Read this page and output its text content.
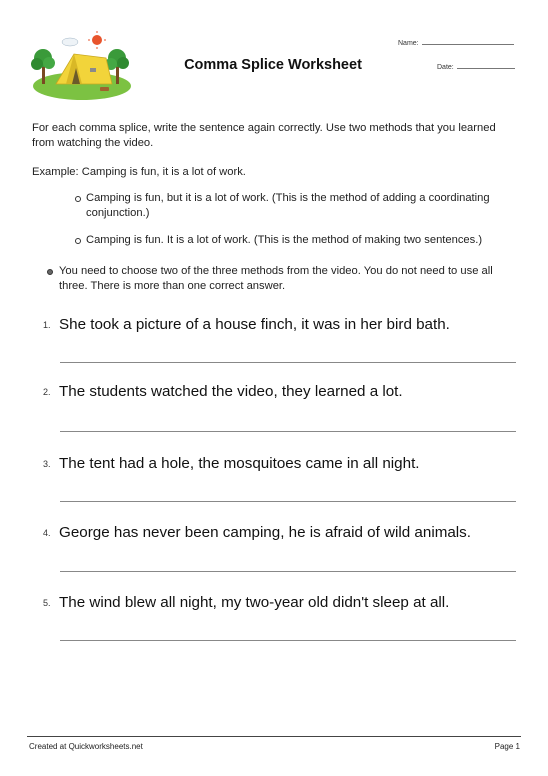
Comma Splice Worksheet
Name:
Date:
For each comma splice, write the sentence again correctly. Use two methods that you learned from watching the video.
Example: Camping is fun, it is a lot of work.
Camping is fun, but it is a lot of work. (This is the method of adding a coordinating conjunction.)
Camping is fun. It is a lot of work. (This is the method of making two sentences.)
You need to choose two of the three methods from the video. You do not need to use all three. There is more than one correct answer.
1. She took a picture of a house finch, it was in her bird bath.
2. The students watched the video, they learned a lot.
3. The tent had a hole, the mosquitoes came in all night.
4. George has never been camping, he is afraid of wild animals.
5. The wind blew all night, my two-year old didn't sleep at all.
Created at Quickworksheets.net	Page 1
